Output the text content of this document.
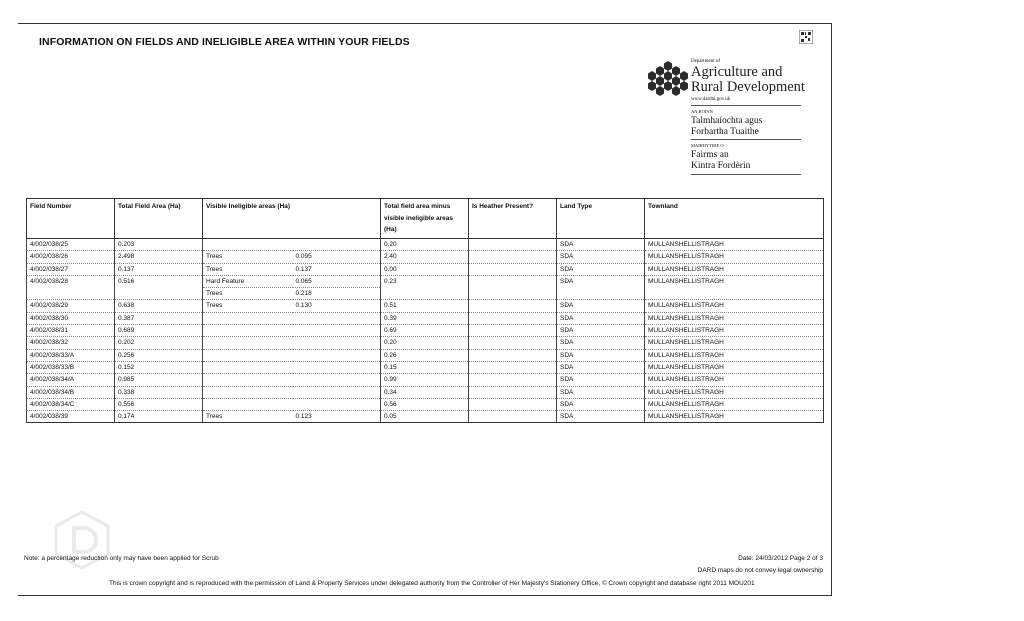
INFORMATION ON FIELDS AND INELIGIBLE AREA WITHIN YOUR FIELDS
Department of
Agriculture and
Rural Development
www.dardni.gov.uk
AN ROINN
Talmhaíochta agus
Forbartha Tuaithe
MAIRHYTRIE O
Fairms an
Kintra Fordèrin
Field Number	Total Field Area (Ha)	Visible Ineligible areas (Ha)		Total field area minus visible ineligible areas (Ha)	Is Heather Present?	Land Type	Townland
4/002/038/25	0.203			0.20		SDA	MULLANSHELLISTRAGH
4/002/038/26	2.498	Trees	0.095	2.40		SDA	MULLANSHELLISTRAGH
4/002/038/27	0.137	Trees	0.137	0.00		SDA	MULLANSHELLISTRAGH
4/002/038/28	0.516	Hard Feature	0.065	0.23		SDA	MULLANSHELLISTRAGH
		Trees	0.218				
4/002/038/29	0.638	Trees	0.130	0.51		SDA	MULLANSHELLISTRAGH
4/002/038/30	0.387			0.39		SDA	MULLANSHELLISTRAGH
4/002/038/31	0.689			0.69		SDA	MULLANSHELLISTRAGH
4/002/038/32	0.202			0.20		SDA	MULLANSHELLISTRAGH
4/002/038/33/A	0.256			0.26		SDA	MULLANSHELLISTRAGH
4/002/038/33/B	0.152			0.15		SDA	MULLANSHELLISTRAGH
4/002/038/34/A	0.985			0.99		SDA	MULLANSHELLISTRAGH
4/002/038/34/B	0.338			0.34		SDA	MULLANSHELLISTRAGH
4/002/038/34/C	0.556			0.56		SDA	MULLANSHELLISTRAGH
4/002/038/39	0.174	Trees	0.123	0.05		SDA	MULLANSHELLISTRAGH
Note: a percentage reduction only may have been applied for Scrub	Date: 24/03/2012 Page 2 of 3
DARD maps do not convey legal ownership
This is crown copyright and is reproduced with the permission of Land & Property Services under delegated authority from the Controller of Her Majesty's Stationery Office, © Crown copyright and database right 2011 MOU201
